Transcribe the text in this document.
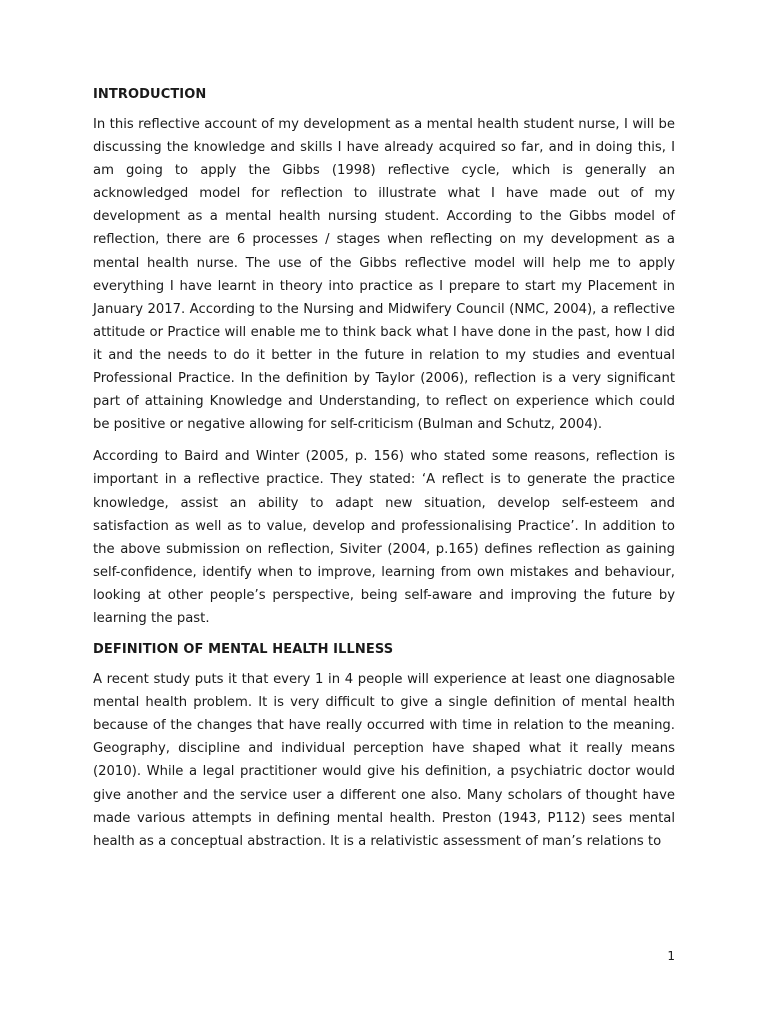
INTRODUCTION

In this reflective account of my development as a mental health student nurse, I will be discussing the knowledge and skills I have already acquired so far, and in doing this, I am going to apply the Gibbs (1998) reflective cycle, which is generally an acknowledged model for reflection to illustrate what I have made out of my development as a mental health nursing student. According to the Gibbs model of reflection, there are 6 processes / stages when reflecting on my development as a mental health nurse. The use of the Gibbs reflective model will help me to apply everything I have learnt in theory into practice as I prepare to start my Placement in January 2017. According to the Nursing and Midwifery Council (NMC, 2004), a reflective attitude or Practice will enable me to think back what I have done in the past, how I did it and the needs to do it better in the future in relation to my studies and eventual Professional Practice. In the definition by Taylor (2006), reflection is a very significant part of attaining Knowledge and Understanding, to reflect on experience which could be positive or negative allowing for self-criticism (Bulman and Schutz, 2004).

According to Baird and Winter (2005, p. 156) who stated some reasons, reflection is important in a reflective practice. They stated: ‘A reflect is to generate the practice knowledge, assist an ability to adapt new situation, develop self-esteem and satisfaction as well as to value, develop and professionalising Practice’. In addition to the above submission on reflection, Siviter (2004, p.165) defines reflection as gaining self-confidence, identify when to improve, learning from own mistakes and behaviour, looking at other people’s perspective, being self-aware and improving the future by learning the past.

DEFINITION OF MENTAL HEALTH ILLNESS

A recent study puts it that every 1 in 4 people will experience at least one diagnosable mental health problem. It is very difficult to give a single definition of mental health because of the changes that have really occurred with time in relation to the meaning. Geography, discipline and individual perception have shaped what it really means (2010). While a legal practitioner would give his definition, a psychiatric doctor would give another and the service user a different one also. Many scholars of thought have made various attempts in defining mental health. Preston (1943, P112) sees mental health as a conceptual abstraction. It is a relativistic assessment of man’s relations to

1
